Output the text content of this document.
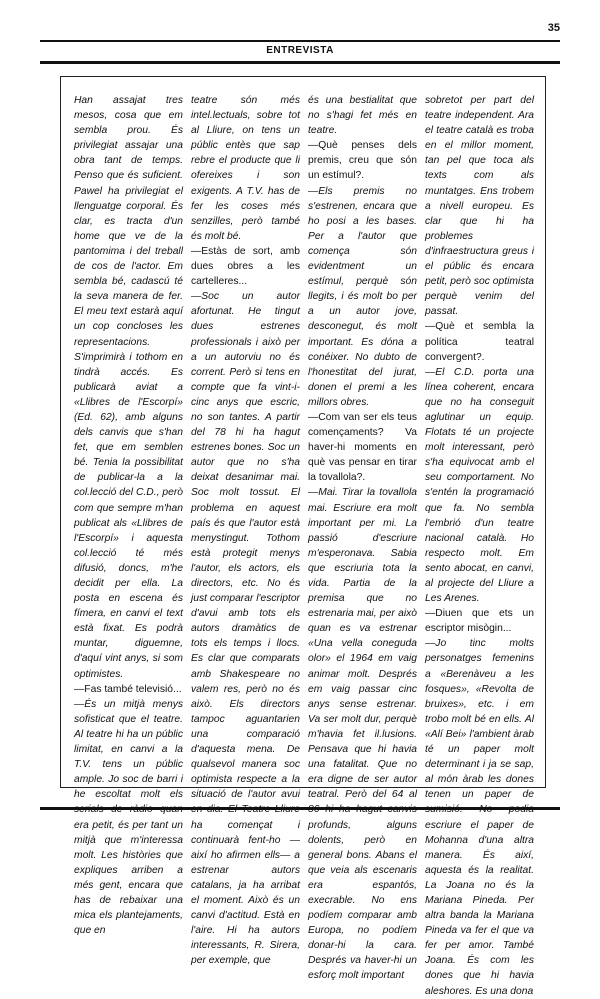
35
ENTREVISTA

Han assajat tres mesos, cosa que em sembla prou. És privilegiat assajar una obra tant de temps. Penso que és suficient. Pawel ha privilegiat el llenguatge corporal. És clar, es tracta d'un home que ve de la pantomima i del treball de cos de l'actor. Em sembla bé, cadascú té la seva manera de fer. El meu text estarà aquí un cop concloses les representacions. S'imprimirà i tothom en tindrà accés. Es publicarà aviat a «Llibres de l'Escorpí» (Ed. 62), amb alguns dels canvis que s'han fet, que em semblen bé. Tenia la possibilitat de publicar-la a la col.lecció del C.D., però com que sempre m'han publicat als «Llibres de l'Escorpí» i aquesta col.lecció té més difusió, doncs, m'he decidit per ella. La posta en escena és fímera, en canvi el text està fixat. Es podrà muntar, diguemne, d'aquí vint anys, si som optimistes.

—Fas també televisió...

—És un mitjà menys sofisticat que el teatre. Al teatre hi ha un públic limitat, en canvi a la T.V. tens un públic ample. Jo soc de barri i he escoltat molt els era petit, és per tant un mitjà que m'interessa molt. Les històries que expliques arriben a més gent, encara que has de rebaixar una mica els plantejaments, que en

teatre són més intel.lectuals, sobre tot al Lliure, on tens un públic entès que sap rebre el producte que li ofereixes i son exigents. A T.V. has de fer les coses més senzilles, però també és molt bé.

—Estàs de sort, amb dues obres a les cartelleres...

—Soc un autor afortunat. He tingut dues estrenes professionals i això per a un autorviu no és corrent. Però si tens en compte que fa vint-i-cinc anys que escric, no son tantes. A partir del 78 hi ha hagut estrenes bones. Soc un autor que no s'ha deixat desanimar mai. Soc molt tossut. El problema en aquest país és que l'autor està menystingut. Tothom està protegit menys l'autor, els actors, els directors, etc. No és just comparar l'escriptor d'avui amb tots els autors dramàtics de tots els temps i llocs. Es clar que comparats amb Shakespeare no valem res, però no és això. Els directors tampoc aguantarien una comparació d'aquesta mena. De qualsevol manera soc optimista respecte a la situació de l'autor avui ha començat i continuarà fent-ho —així ho afirmen ells— a estrenar autors catalans, ja ha arribat el moment. Això és un canvi d'actitud. Està en l'aire. Hi ha autors interessants, R. Sirera, per exemple, que

és una bestialitat que no s'hagi fet més en teatre.

—Què penses dels premis, creu que són un estímul?.

—Els premis no s'estrenen, encara que ho posi a les bases. Per a l'autor que comença són evidentment un estímul, perquè són llegits, i és molt bo per a un autor jove, desconegut, és molt important. Es dóna a conéixer. No dubto de l'honestitat del jurat, donen el premi a les millors obres.

—Com van ser els teus començaments? Va haver-hi moments en què vas pensar en tirar la tovallola?.

—Mai. Tirar la tovallola mai. Escriure era molt important per mi. La passió d'escriure m'esperonava. Sabia que escriuria tota la vida. Partia de la premisa que no estrenaria mai, per això quan es va estrenar «Una vella coneguda olor» el 1964 em vaig animar molt. Després em vaig passar cinc anys sense estrenar. Va ser molt dur, perquè m'havia fet il.lusions. Pensava que hi havia una fatalitat. Que no era digne de ser autor teatral. Però del 64 al profunds, alguns dolents, però en general bons. Abans el que veia als escenaris era espantós, execrable. No ens podíem comparar amb Europa, no podíem donar-hi la cara. Després va haver-hi un esforç molt important

sobretot per part del teatre independent. Ara el teatre català es troba en el millor moment, tan pel que toca als texts com als muntatges. Ens trobem a nivell europeu. Es clar que hi ha problemes d'infraestructura greus i el públic és encara petit, però soc optimista perquè venim del passat.

—Què et sembla la política teatral convergent?.

—El C.D. porta una línea coherent, encara que no ha conseguit aglutinar un equip. Flotats té un projecte molt interessant, però s'ha equivocat amb el seu comportament. No s'entén la programació que fa. No sembla l'embrió d'un teatre nacional català. Ho respecto molt. Em sento abocat, en canvi, al projecte del Lliure a Les Arenes.

—Diuen que ets un escriptor misògin...

—Jo tinc molts personatges femenins a «Berenàveu a les fosques», «Revolta de bruixes», etc. i em trobo molt bé en ells. Al «Alí Bei» l'ambient àrab té un paper molt determinant i ja se sap, al món àrab les dones tenen un paper de escriure el paper de Mohanna d'una altra manera. És així, aquesta és la realitat. La Joana no és la Mariana Pineda. Per altra banda la Mariana Pineda va fer el que va fer per amor. També Joana. És com les dones que hi havia aleshores. Es una dona
